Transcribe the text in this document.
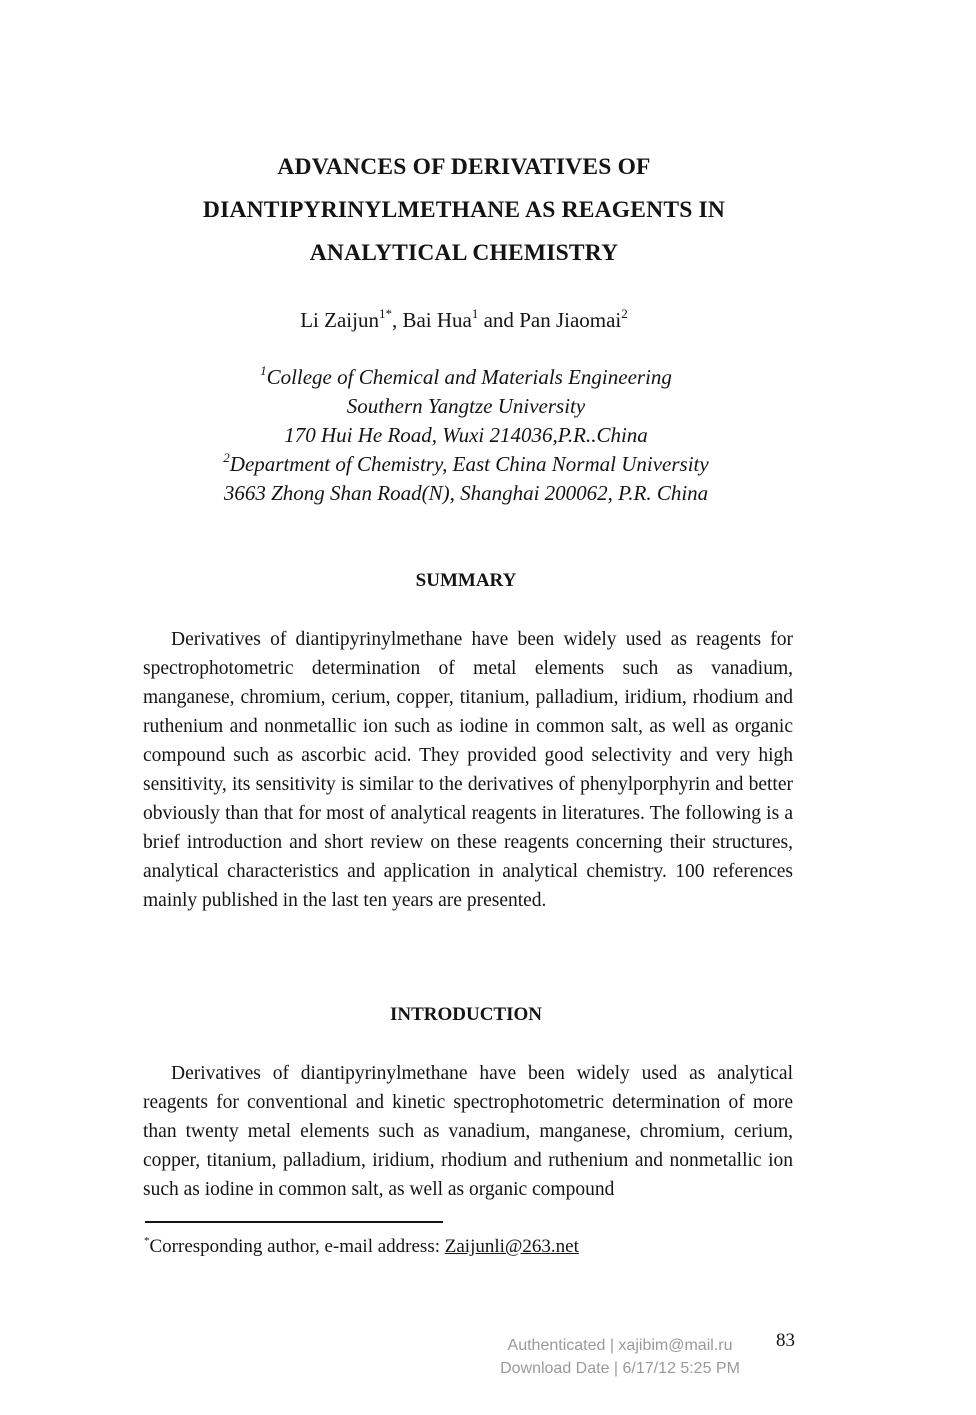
ADVANCES OF DERIVATIVES OF
DIANTIPYRINYLMETHANE AS REAGENTS IN
ANALYTICAL CHEMISTRY
Li Zaijun$^{1*}$, Bai Hua$^1$ and Pan Jiaomai$^2$
$^1$College of Chemical and Materials Engineering
Southern Yangtze University
170 Hui He Road, Wuxi 214036,P.R..China
$^2$Department of Chemistry, East China Normal University
3663 Zhong Shan Road(N), Shanghai 200062, P.R. China
SUMMARY

Derivatives of diantipyrinylmethane have been widely used as reagents for spectrophotometric determination of metal elements such as vanadium, manganese, chromium, cerium, copper, titanium, palladium, iridium, rhodium and ruthenium and nonmetallic ion such as iodine in common salt, as well as organic compound such as ascorbic acid. They provided good selectivity and very high sensitivity, its sensitivity is similar to the derivatives of phenylporphyrin and better obviously than that for most of analytical reagents in literatures. The following is a brief introduction and short review on these reagents concerning their structures, analytical characteristics and application in analytical chemistry. 100 references mainly published in the last ten years are presented.

INTRODUCTION

Derivatives of diantipyrinylmethane have been widely used as analytical reagents for conventional and kinetic spectrophotometric determination of more than twenty metal elements such as vanadium, manganese, chromium, cerium, copper, titanium, palladium, iridium, rhodium and ruthenium and nonmetallic ion such as iodine in common salt, as well as organic compound

*Corresponding author, e-mail address: Zaijunli@263.net
83
Authenticated | xajibim@mail.ru
Download Date | 6/17/12 5:25 PM
